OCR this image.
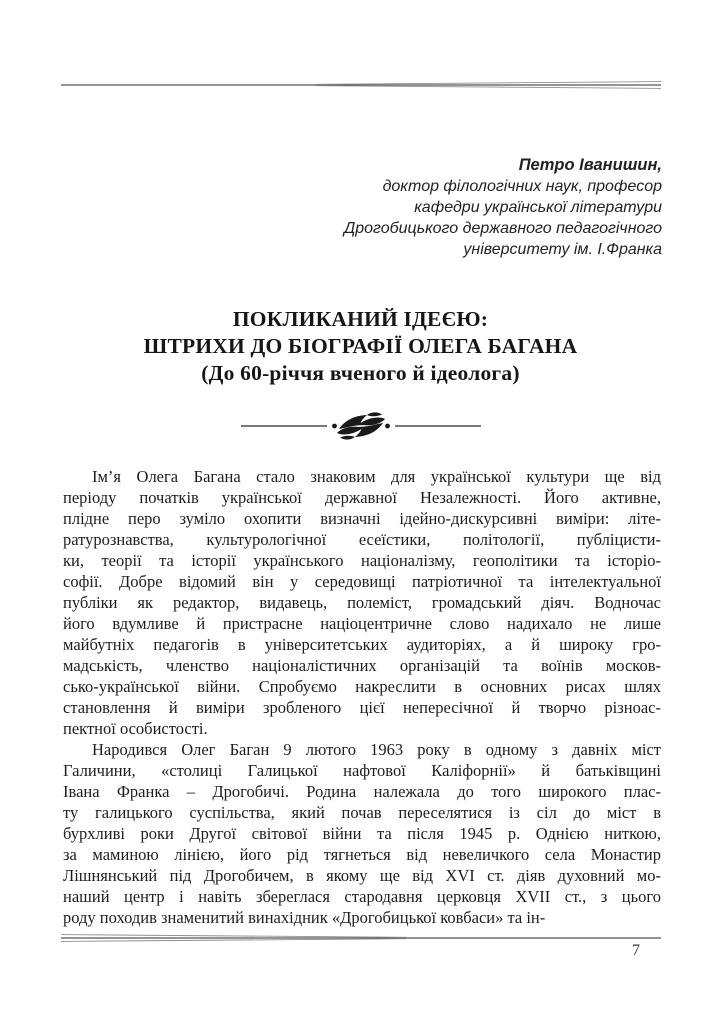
Петро Іванишин,
доктор філологічних наук, професор
кафедри української літератури
Дрогобицького державного педагогічного
університету ім. І.Франка
ПОКЛИКАНИЙ ІДЕЄЮ:
ШТРИХИ ДО БІОГРАФІЇ ОЛЕГА БАГАНА
(До 60-річчя вченого й ідеолога)
Ім’я Олега Багана стало знаковим для української культури ще від
періоду початків української державної Незалежності. Його активне,
плідне перо зуміло охопити визначні ідейно-дискурсивні виміри: літе-
ратурознавства, культурологічної есеїстики, політології, публіцисти-
ки, теорії та історії українського націоналізму, геополітики та історіо-
софії. Добре відомий він у середовищі патріотичної та інтелектуальної
публіки як редактор, видавець, полеміст, громадський діяч. Водночас
його вдумливе й пристрасне націоцентричне слово надихало не лише
майбутніх педагогів в університетських аудиторіях, а й широку гро-
мадськість, членство націоналістичних організацій та воїнів москов-
сько-української війни. Спробуємо накреслити в основних рисах шлях
становлення й виміри зробленого цієї непересічної й творчо різноас-
пектної особистості.
Народився Олег Баган 9 лютого 1963 року в одному з давніх міст
Галичини, «столиці Галицької нафтової Каліфорнії» й батьківщині
Івана Франка – Дрогобичі. Родина належала до того широкого плас-
ту галицького суспільства, який почав переселятися із сіл до міст в
бурхливі роки Другої світової війни та після 1945 р. Однією ниткою,
за маминою лінією, його рід тягнеться від невеличкого села Монастир
Лішнянський під Дрогобичем, в якому ще від XVI ст. діяв духовний мо-
наший центр і навіть збереглася стародавня церковця XVII ст., з цього
роду походив знаменитий винахідник «Дрогобицької ковбаси» та ін-
7
